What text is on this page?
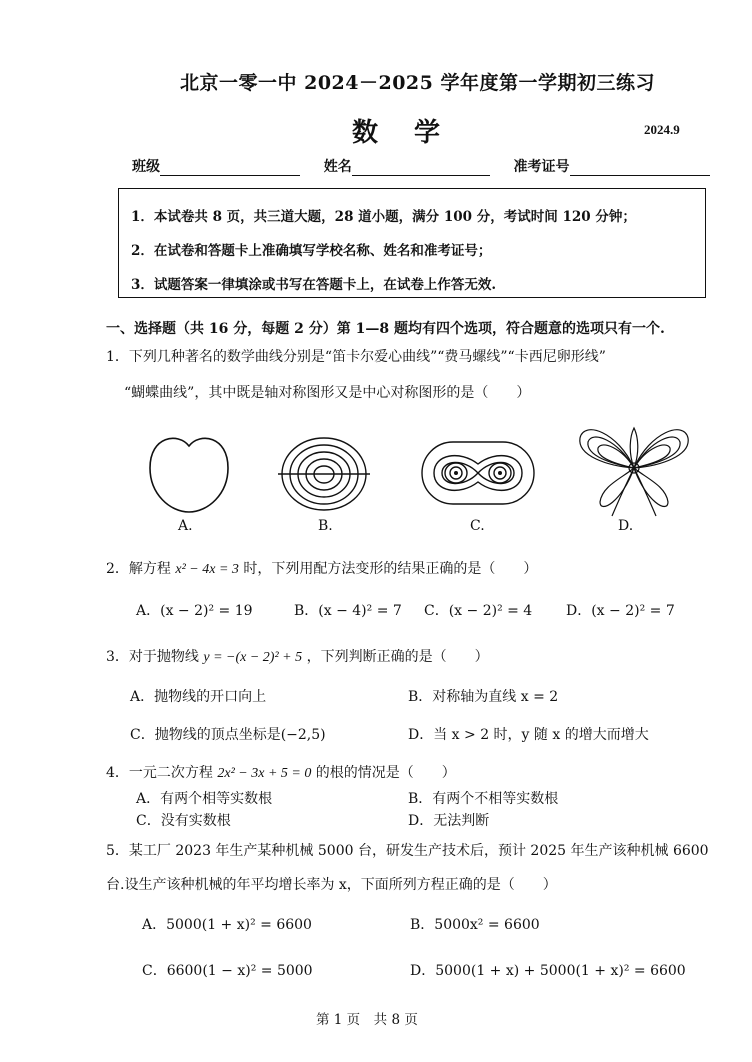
北京一零一中 2024－2025 学年度第一学期初三练习
数学	2024.9
班级	姓名	准考证号
1．本试卷共 8 页，共三道大题，28 道小题，满分 100 分，考试时间 120 分钟；
2．在试卷和答题卡上准确填写学校名称、姓名和准考证号；
3．试题答案一律填涂或书写在答题卡上，在试卷上作答无效.
一、选择题（共 16 分，每题 2 分）第 1—8 题均有四个选项，符合题意的选项只有一个.
1．下列几种著名的数学曲线分别是“笛卡尔爱心曲线”“费马螺线”“卡西尼卵形线”
“蝴蝶曲线”，其中既是轴对称图形又是中心对称图形的是（　　）
A.	B.	C.	D.
2．解方程 x² − 4x = 3 时，下列用配方法变形的结果正确的是（　　）
A．(x − 2)² = 19	B．(x − 4)² = 7 C．(x − 2)² = 4 D．(x − 2)² = 7
3．对于抛物线 y = −(x − 2)² + 5 ，下列判断正确的是（　　）
A．抛物线的开口向上	B．对称轴为直线 x = 2
C．抛物线的顶点坐标是(−2,5)	D．当 x > 2 时，y 随 x 的增大而增大
4．一元二次方程 2x² − 3x + 5 = 0 的根的情况是（　　）
A．有两个相等实数根	B．有两个不相等实数根
C．没有实数根	D．无法判断
5．某工厂 2023 年生产某种机械 5000 台，研发生产技术后，预计 2025 年生产该种机械 6600
台.设生产该种机械的年平均增长率为 x，下面所列方程正确的是（　　）
A．5000(1 + x)² = 6600	B．5000x² = 6600
C．6600(1 − x)² = 5000	D．5000(1 + x) + 5000(1 + x)² = 6600
第 1 页　共 8 页
